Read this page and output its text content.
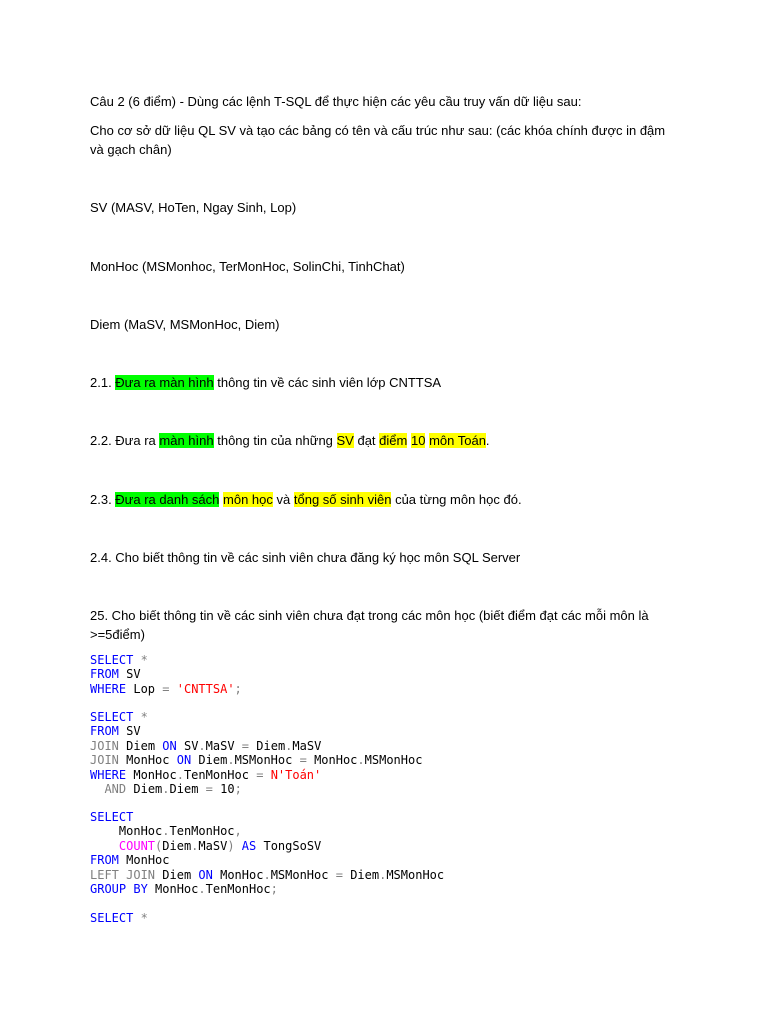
Câu 2 (6 điểm) - Dùng các lệnh T-SQL để thực hiện các yêu cầu truy vấn dữ liệu sau:
Cho cơ sở dữ liệu QL SV và tạo các bảng có tên và cấu trúc như sau: (các khóa chính được in đậm và gạch chân)
SV (MASV, HoTen, Ngay Sinh, Lop)
MonHoc (MSMonhoc, TerMonHoc, SolinChi, TinhChat)
Diem (MaSV, MSMonHoc, Diem)
2.1. Đưa ra màn hình thông tin về các sinh viên lớp CNTTSA
2.2. Đưa ra màn hình thông tin của những SV đạt điểm 10 môn Toán.
2.3. Đưa ra danh sách môn học và tổng số sinh viên của từng môn học đó.
2.4. Cho biết thông tin về các sinh viên chưa đăng ký học môn SQL Server
25. Cho biết thông tin về các sinh viên chưa đạt trong các môn học (biết điểm đạt các mỗi môn là >=5điểm)
SELECT *
FROM SV
WHERE Lop = 'CNTTSA';
SELECT *
FROM SV
JOIN Diem ON SV.MaSV = Diem.MaSV
JOIN MonHoc ON Diem.MSMonHoc = MonHoc.MSMonHoc
WHERE MonHoc.TenMonHoc = N'Toán'
AND Diem.Diem = 10;
SELECT
MonHoc.TenMonHoc,
COUNT(Diem.MaSV) AS TongSoSV
FROM MonHoc
LEFT JOIN Diem ON MonHoc.MSMonHoc = Diem.MSMonHoc
GROUP BY MonHoc.TenMonHoc;
SELECT *
